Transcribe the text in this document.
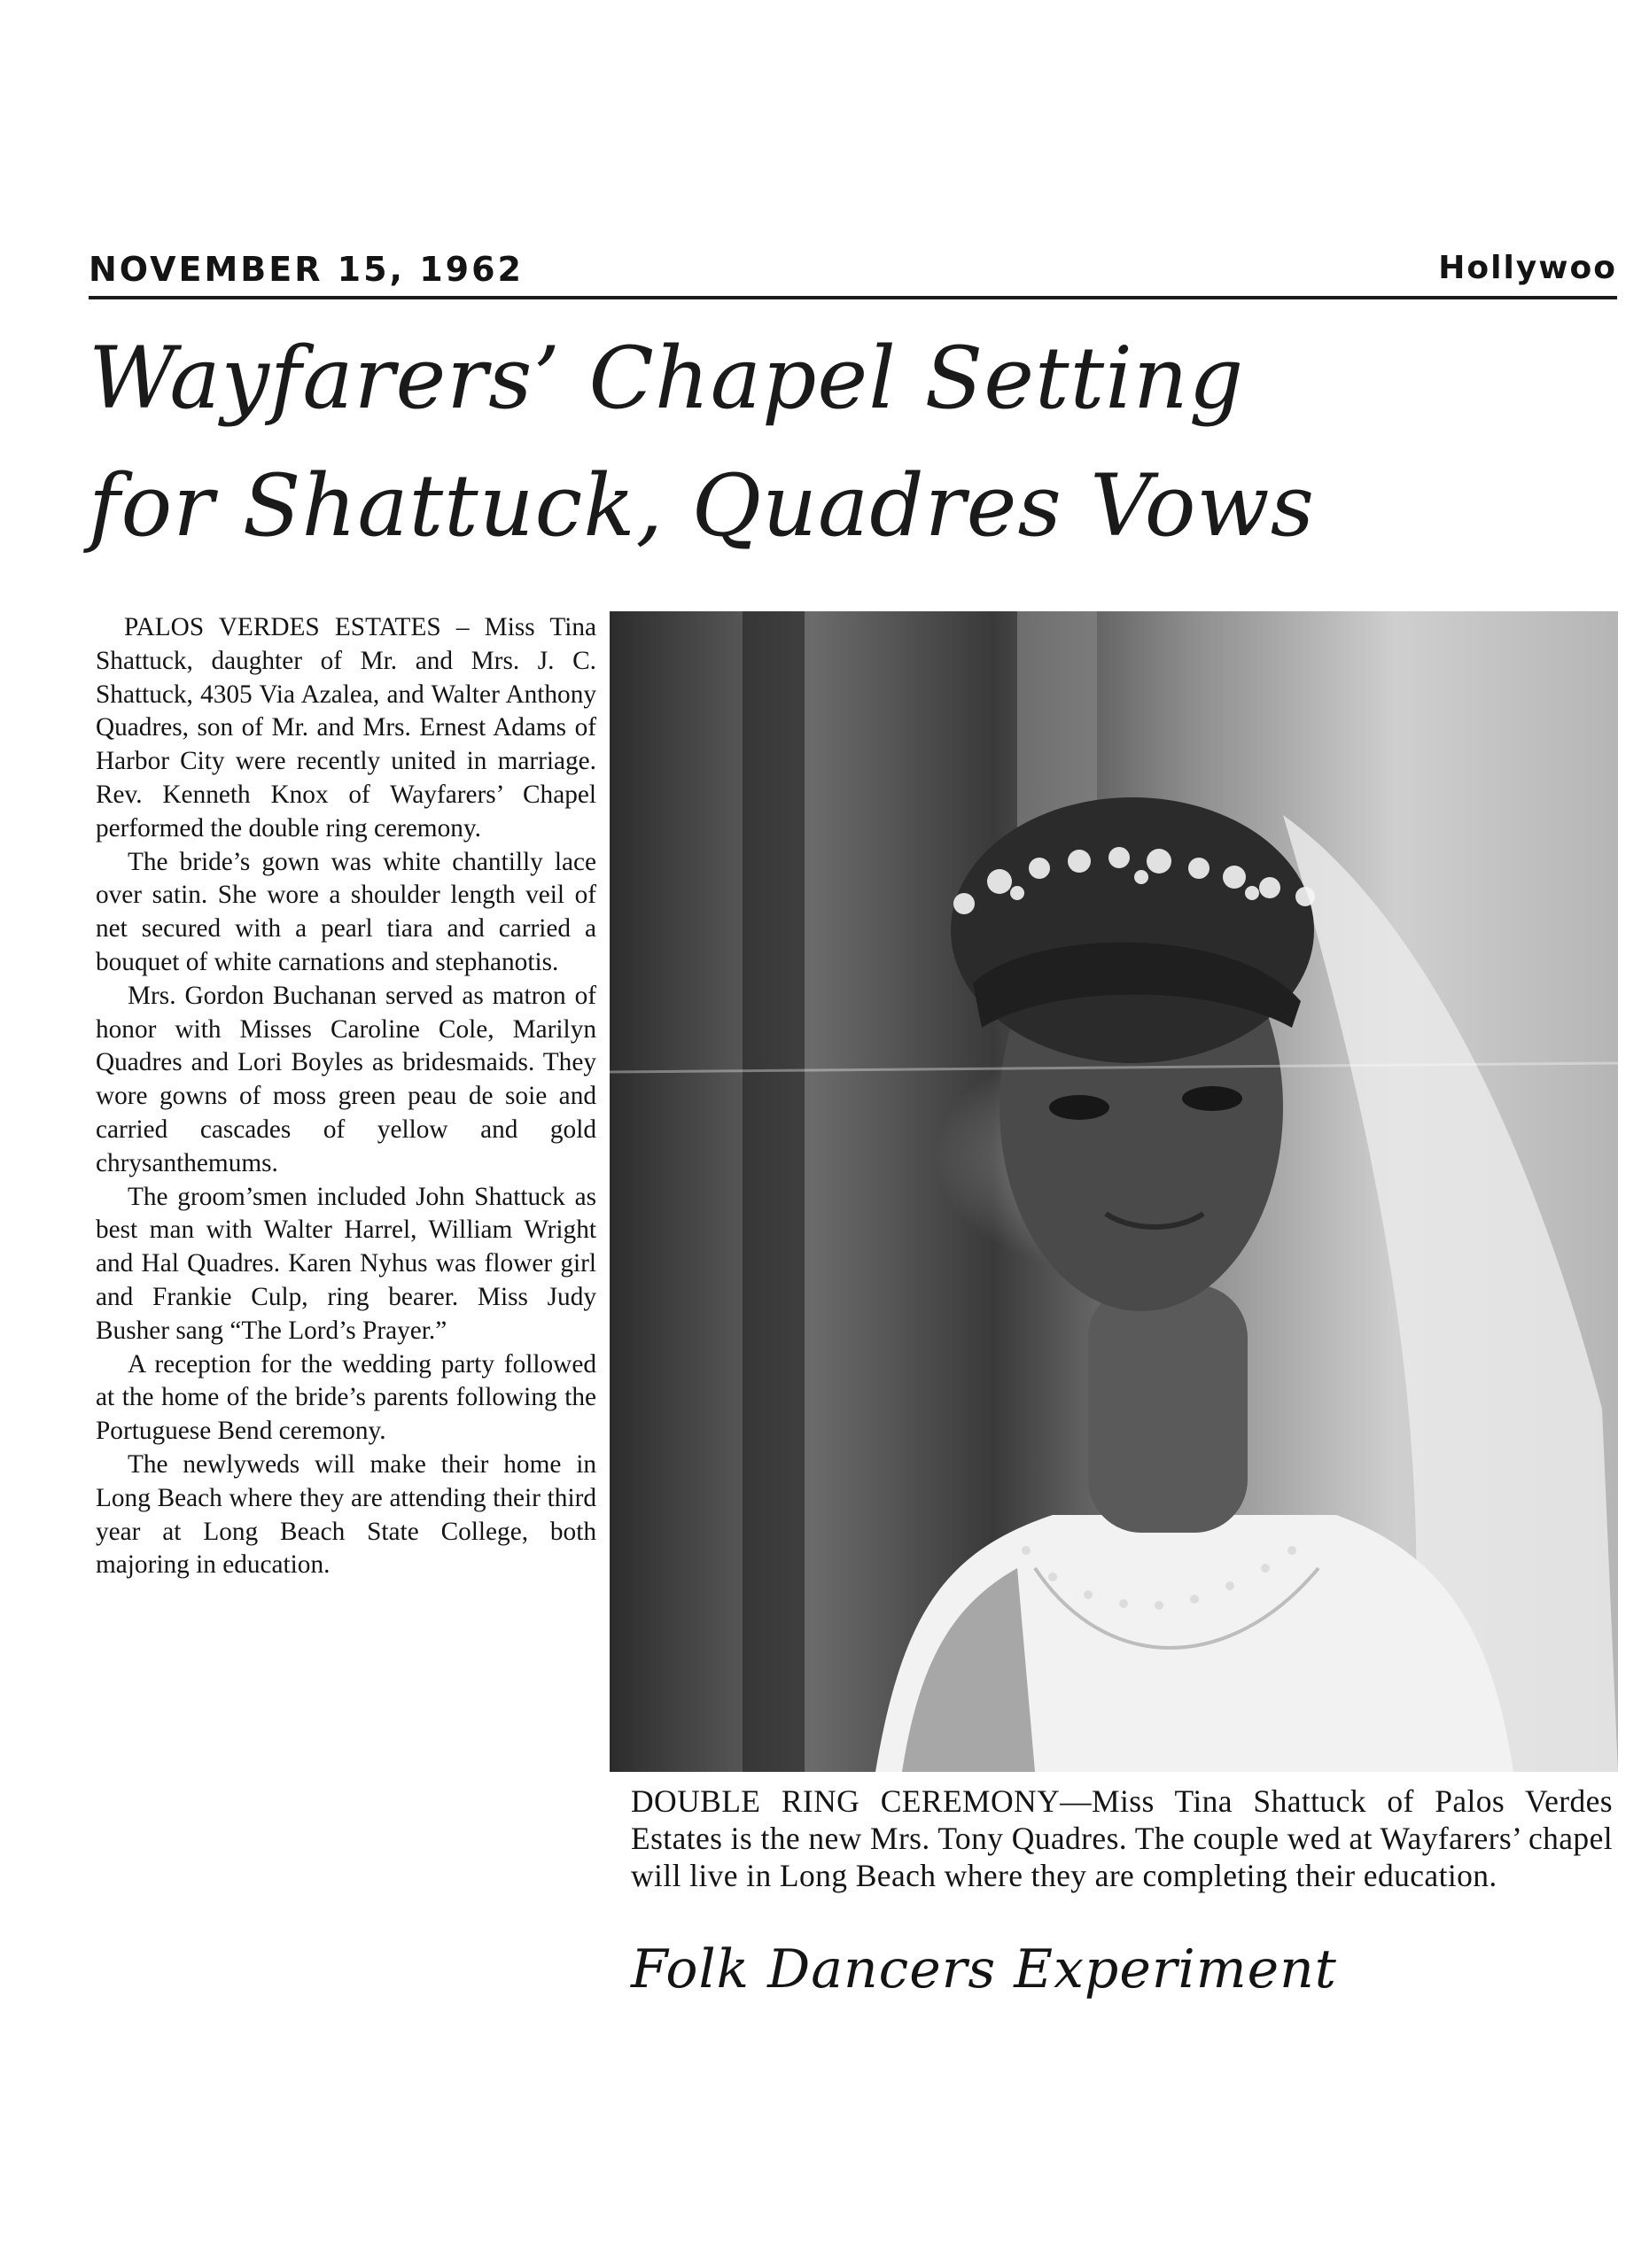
NOVEMBER 15, 1962	Hollywoo
Wayfarers’ Chapel Setting
for Shattuck, Quadres Vows

PALOS VERDES ESTATES – Miss Tina Shattuck, daughter of Mr. and Mrs. J. C. Shattuck, 4305 Via Azalea, and Walter Anthony Quadres, son of Mr. and Mrs. Ernest Adams of Harbor City were recently united in marriage. Rev. Kenneth Knox of Wayfarers’ Chapel performed the double ring ceremony.

The bride’s gown was white chantilly lace over satin. She wore a shoulder length veil of net secured with a pearl tiara and carried a bouquet of white carnations and stephanotis.

Mrs. Gordon Buchanan served as matron of honor with Misses Caroline Cole, Marilyn Quadres and Lori Boyles as bridesmaids. They wore gowns of moss green peau de soie and carried cascades of yellow and gold chrysanthemums.

The groom’smen included John Shattuck as best man with Walter Harrel, William Wright and Hal Quadres. Karen Nyhus was flower girl and Frankie Culp, ring bearer. Miss Judy Busher sang “The Lord’s Prayer.”

A reception for the wedding party followed at the home of the bride’s parents following the Portuguese Bend ceremony.

The newlyweds will make their home in Long Beach where they are attending their third year at Long Beach State College, both majoring in education.

DOUBLE RING CEREMONY—Miss Tina Shattuck of Palos Verdes Estates is the new Mrs. Tony Quadres. The couple wed at Wayfarers’ chapel will live in Long Beach where they are completing their education.

Folk Dancers Experiment
